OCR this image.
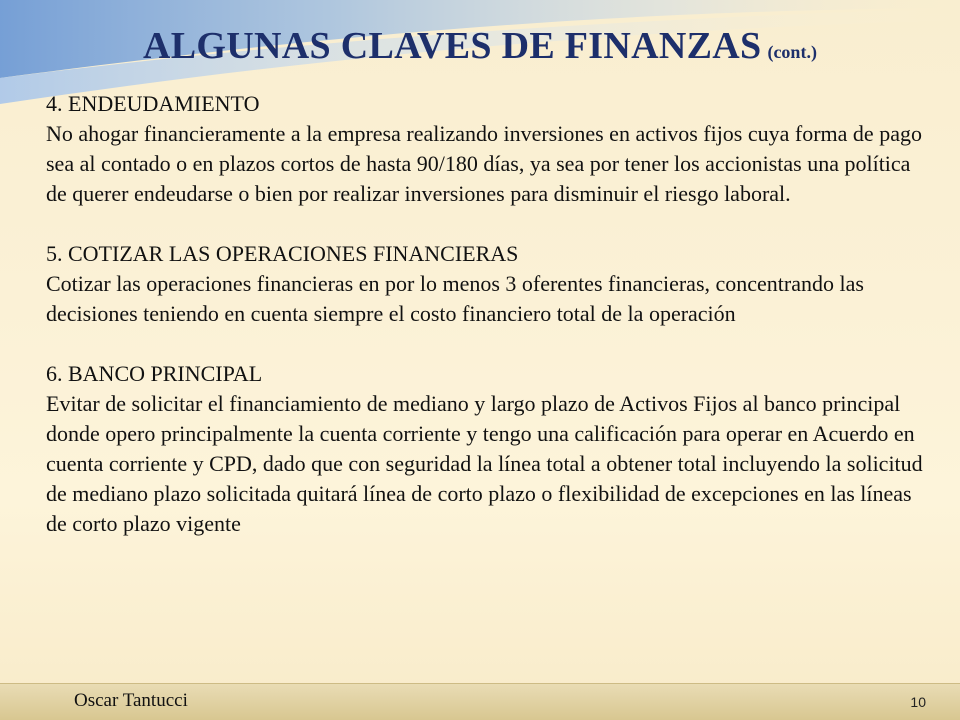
ALGUNAS CLAVES DE FINANZAS (cont.)
4. ENDEUDAMIENTO
No ahogar financieramente a la empresa realizando inversiones en activos fijos cuya forma de pago sea al contado o en plazos cortos de hasta 90/180 días, ya sea por tener los accionistas una política de querer endeudarse o bien por realizar inversiones para disminuir el riesgo laboral.
5. COTIZAR LAS OPERACIONES FINANCIERAS
Cotizar las operaciones financieras en por lo menos 3 oferentes financieras, concentrando las decisiones teniendo en cuenta siempre el costo financiero total de la operación
6. BANCO PRINCIPAL
Evitar de solicitar el financiamiento de mediano y largo plazo de Activos Fijos al banco principal donde opero principalmente la cuenta corriente y tengo una calificación para operar en Acuerdo en cuenta corriente y CPD, dado que con seguridad la línea total a obtener total incluyendo la solicitud de mediano plazo solicitada quitará línea de corto plazo o flexibilidad de excepciones en las líneas de corto plazo vigente
Oscar Tantucci	10
